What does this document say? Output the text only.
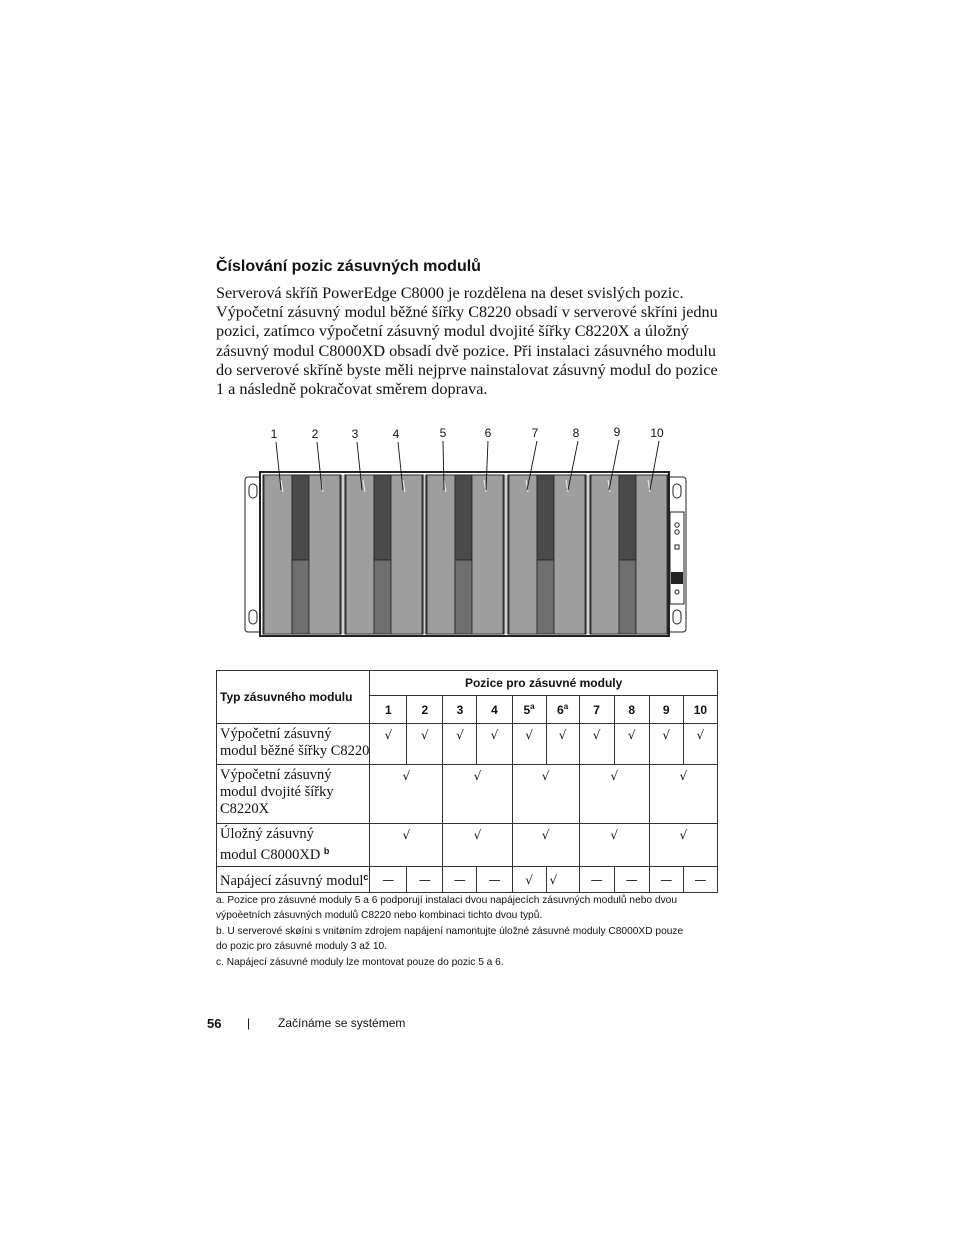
Číslování pozic zásuvných modulů
Serverová skříň PowerEdge C8000 je rozdělena na deset svislých pozic.
Výpočetní zásuvný modul běžné šířky C8220 obsadí v serverové skříni jednu
pozici, zatímco výpočetní zásuvný modul dvojité šířky C8220X a úložný
zásuvný modul C8000XD obsadí dvě pozice. Při instalaci zásuvného modulu
do serverové skříně byste měli nejprve nainstalovat zásuvný modul do pozice
1 a následně pokračovat směrem doprava.
1	2	3	4	5	6	7	8	9 10
Typ zásuvného modulu	Pozice pro zásuvné moduly									
	1	2	3	4	5$^a$	6$^a$	7	8	9	10

Výpočetní zásuvný
modul běžné šířky C8220	√	√	√	√	√	√	√	√	√	√

Výpočetní zásuvný
modul dvojité šířky
C8220X	√		√		√		√		√	

Úložný zásuvný
modul C8000XD $^b$	√		√		√		√		√	
Napájecí zásuvný modul$^c$	—	—	—	—	√	√	—	—	—	—

a. Pozice pro zásuvné moduly 5 a 6 podporují instalaci dvou napájecích zásuvných modulů nebo dvou
výpoèetních zásuvných modulů C8220 nebo kombinaci tichto dvou typů.

b. U serverové skøíni s vnitøním zdrojem napájení namontujte úložné zásuvné moduly C8000XD pouze
do pozic pro zásuvné moduly 3 až 10.

c. Napájecí zásuvné moduly lze montovat pouze do pozic 5 a 6.

56 | Začínáme se systémem
